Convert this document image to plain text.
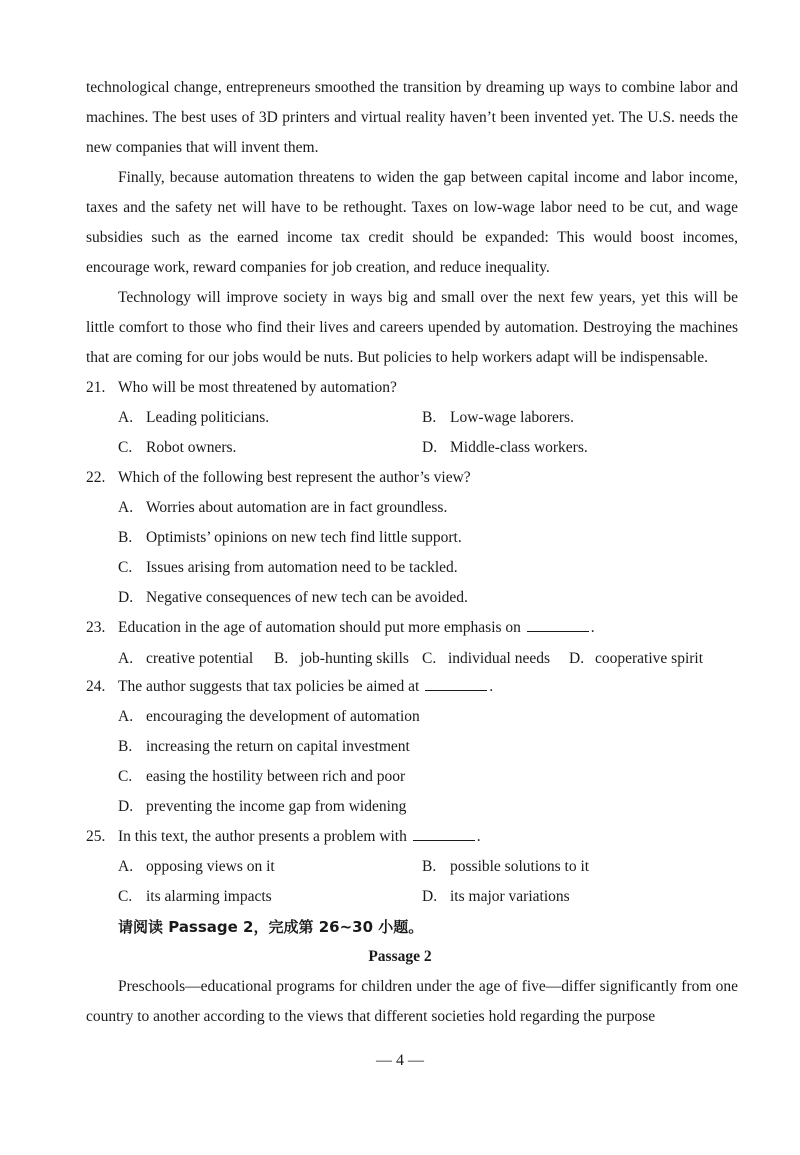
technological change, entrepreneurs smoothed the transition by dreaming up ways to combine labor and machines. The best uses of 3D printers and virtual reality haven’t been invented yet. The U.S. needs the new companies that will invent them.

Finally, because automation threatens to widen the gap between capital income and labor income, taxes and the safety net will have to be rethought. Taxes on low-wage labor need to be cut, and wage subsidies such as the earned income tax credit should be expanded: This would boost incomes, encourage work, reward companies for job creation, and reduce inequality.

Technology will improve society in ways big and small over the next few years, yet this will be little comfort to those who find their lives and careers upended by automation. Destroying the machines that are coming for our jobs would be nuts. But policies to help workers adapt will be indispensable.

21. Who will be most threatened by automation?
A. Leading politicians.	B. Low-wage laborers.
C. Robot owners.	D. Middle-class workers.
22. Which of the following best represent the author’s view?
A. Worries about automation are in fact groundless.
B. Optimists’ opinions on new tech find little support.
C. Issues arising from automation need to be tackled.
D. Negative consequences of new tech can be avoided.
23. Education in the age of automation should put more emphasis on	.
A. creative potential B. job-hunting skills C. individual needs D. cooperative spirit
24. The author suggests that tax policies be aimed at	.
A. encouraging the development of automation
B. increasing the return on capital investment
C. easing the hostility between rich and poor
D. preventing the income gap from widening
25. In this text, the author presents a problem with	.
A. opposing views on it	B. possible solutions to it
C. its alarming impacts	D. its major variations
请阅读 Passage 2，完成第 26~30 小题。
Passage 2

Preschools—educational programs for children under the age of five—differ significantly from one country to another according to the views that different societies hold regarding the purpose

— 4 —
